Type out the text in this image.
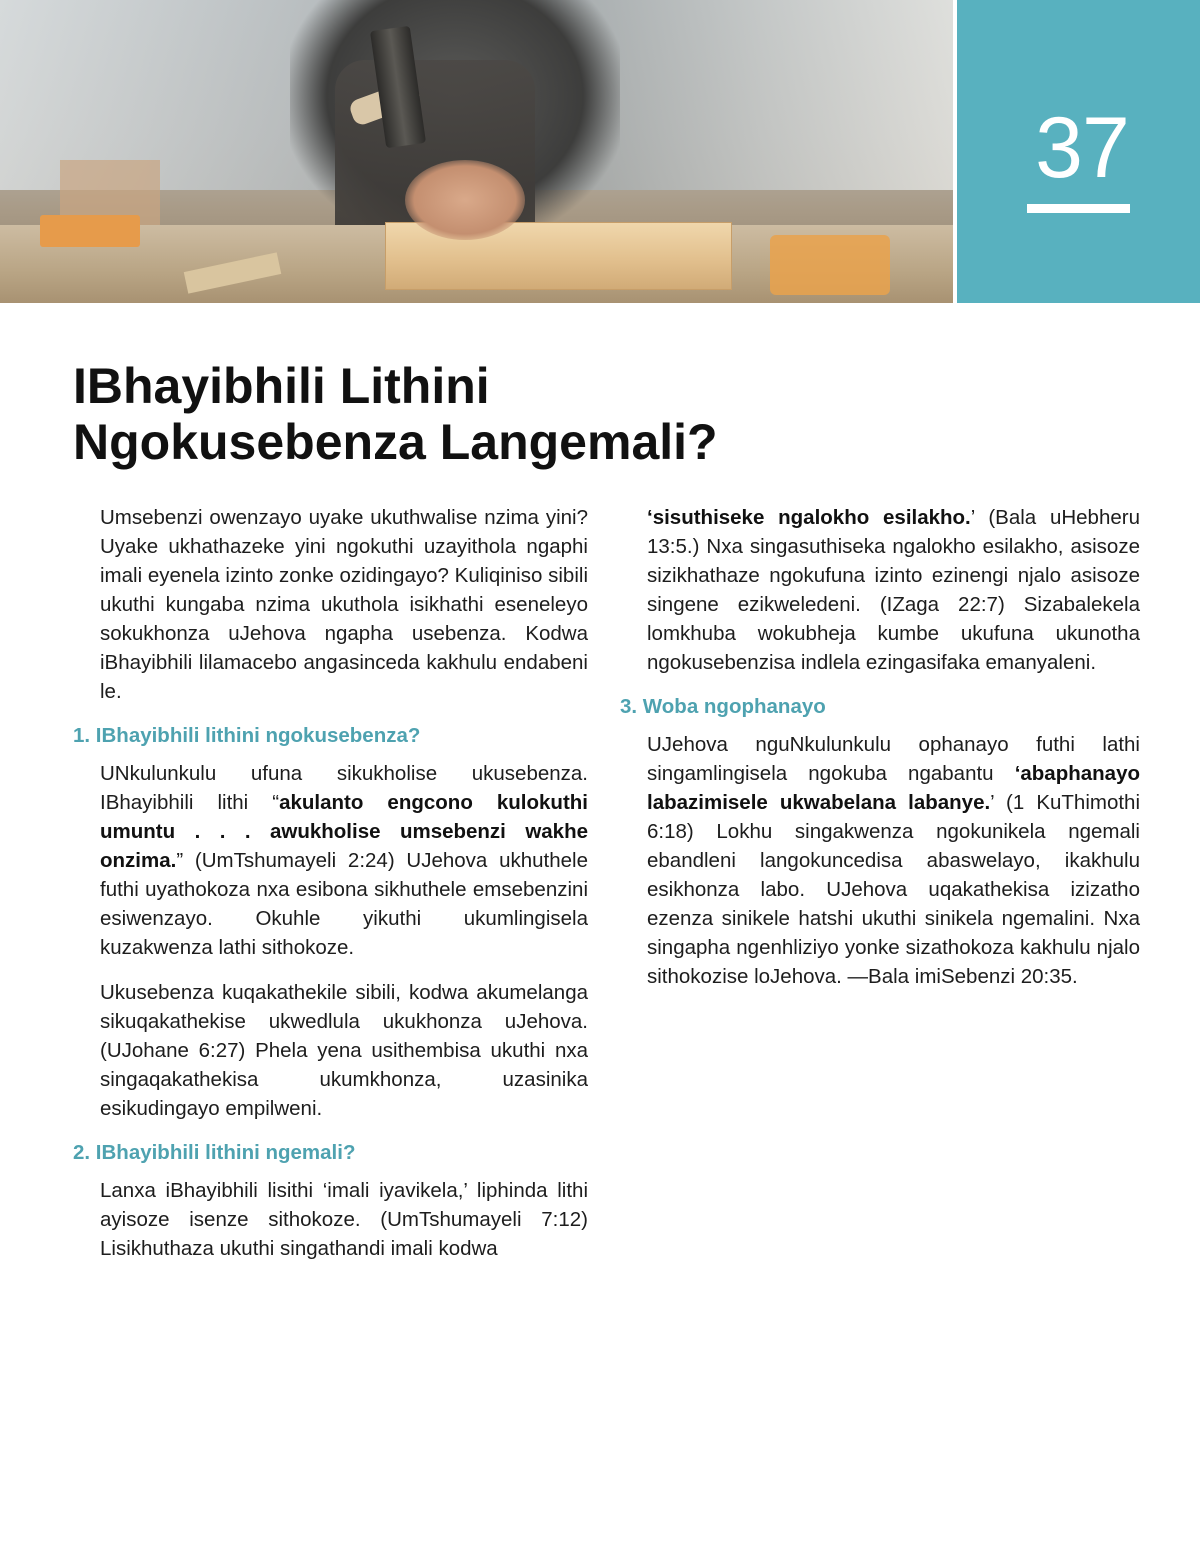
37
IBhayibhili Lithini
Ngokusebenza Langemali?

Umsebenzi owenzayo uyake ukuthwalise nzima yini? Uyake ukhathazeke yini ngokuthi uzayithola ngaphi imali eyenela izinto zonke ozidingayo? Kuliqiniso sibili ukuthi kungaba nzima ukuthola isikhathi eseneleyo sokukhonza uJehova ngapha usebenza. Kodwa iBhayibhili lilamacebo angasinceda kakhulu endabeni le.

1. IBhayibhili lithini ngokusebenza?

UNkulunkulu ufuna sikukholise ukusebenza. IBhayibhili lithi “akulanto engcono kulokuthi umuntu . . . awukholise umsebenzi wakhe onzima.” (UmTshumayeli 2:24) UJehova ukhuthele futhi uyathokoza nxa esibona sikhuthele emsebenzini esiwenzayo. Okuhle yikuthi ukumlingisela kuzakwenza lathi sithokoze.

Ukusebenza kuqakathekile sibili, kodwa akumelanga sikuqakathekise ukwedlula ukukhonza uJehova. (UJohane 6:27) Phela yena usithembisa ukuthi nxa singaqakathekisa ukumkhonza, uzasinika esikudingayo empilweni.

2. IBhayibhili lithini ngemali?

Lanxa iBhayibhili lisithi ‘imali iyavikela,’ liphinda lithi ayisoze isenze sithokoze. (UmTshumayeli 7:12) Lisikhuthaza ukuthi singathandi imali kodwa

‘sisuthiseke ngalokho esilakho.’ (Bala uHebheru 13:5.) Nxa singasuthiseka ngalokho esilakho, asisoze sizikhathaze ngokufuna izinto ezinengi njalo asisoze singene ezikweledeni. (IZaga 22:7) Sizabalekela lomkhuba wokubheja kumbe ukufuna ukunotha ngokusebenzisa indlela ezingasifaka emanyaleni.

3. Woba ngophanayo

UJehova nguNkulunkulu ophanayo futhi lathi singamlingisela ngokuba ngabantu ‘abaphanayo labazimisele ukwabelana labanye.’ (1 KuThimothi 6:18) Lokhu singakwenza ngokunikela ngemali ebandleni langokuncedisa abaswelayo, ikakhulu esikhonza labo. UJehova uqakathekisa izizatho ezenza sinikele hatshi ukuthi sinikela ngemalini. Nxa singapha ngenhliziyo yonke sizathokoza kakhulu njalo sithokozise loJehova. —Bala imiSebenzi 20:35.
